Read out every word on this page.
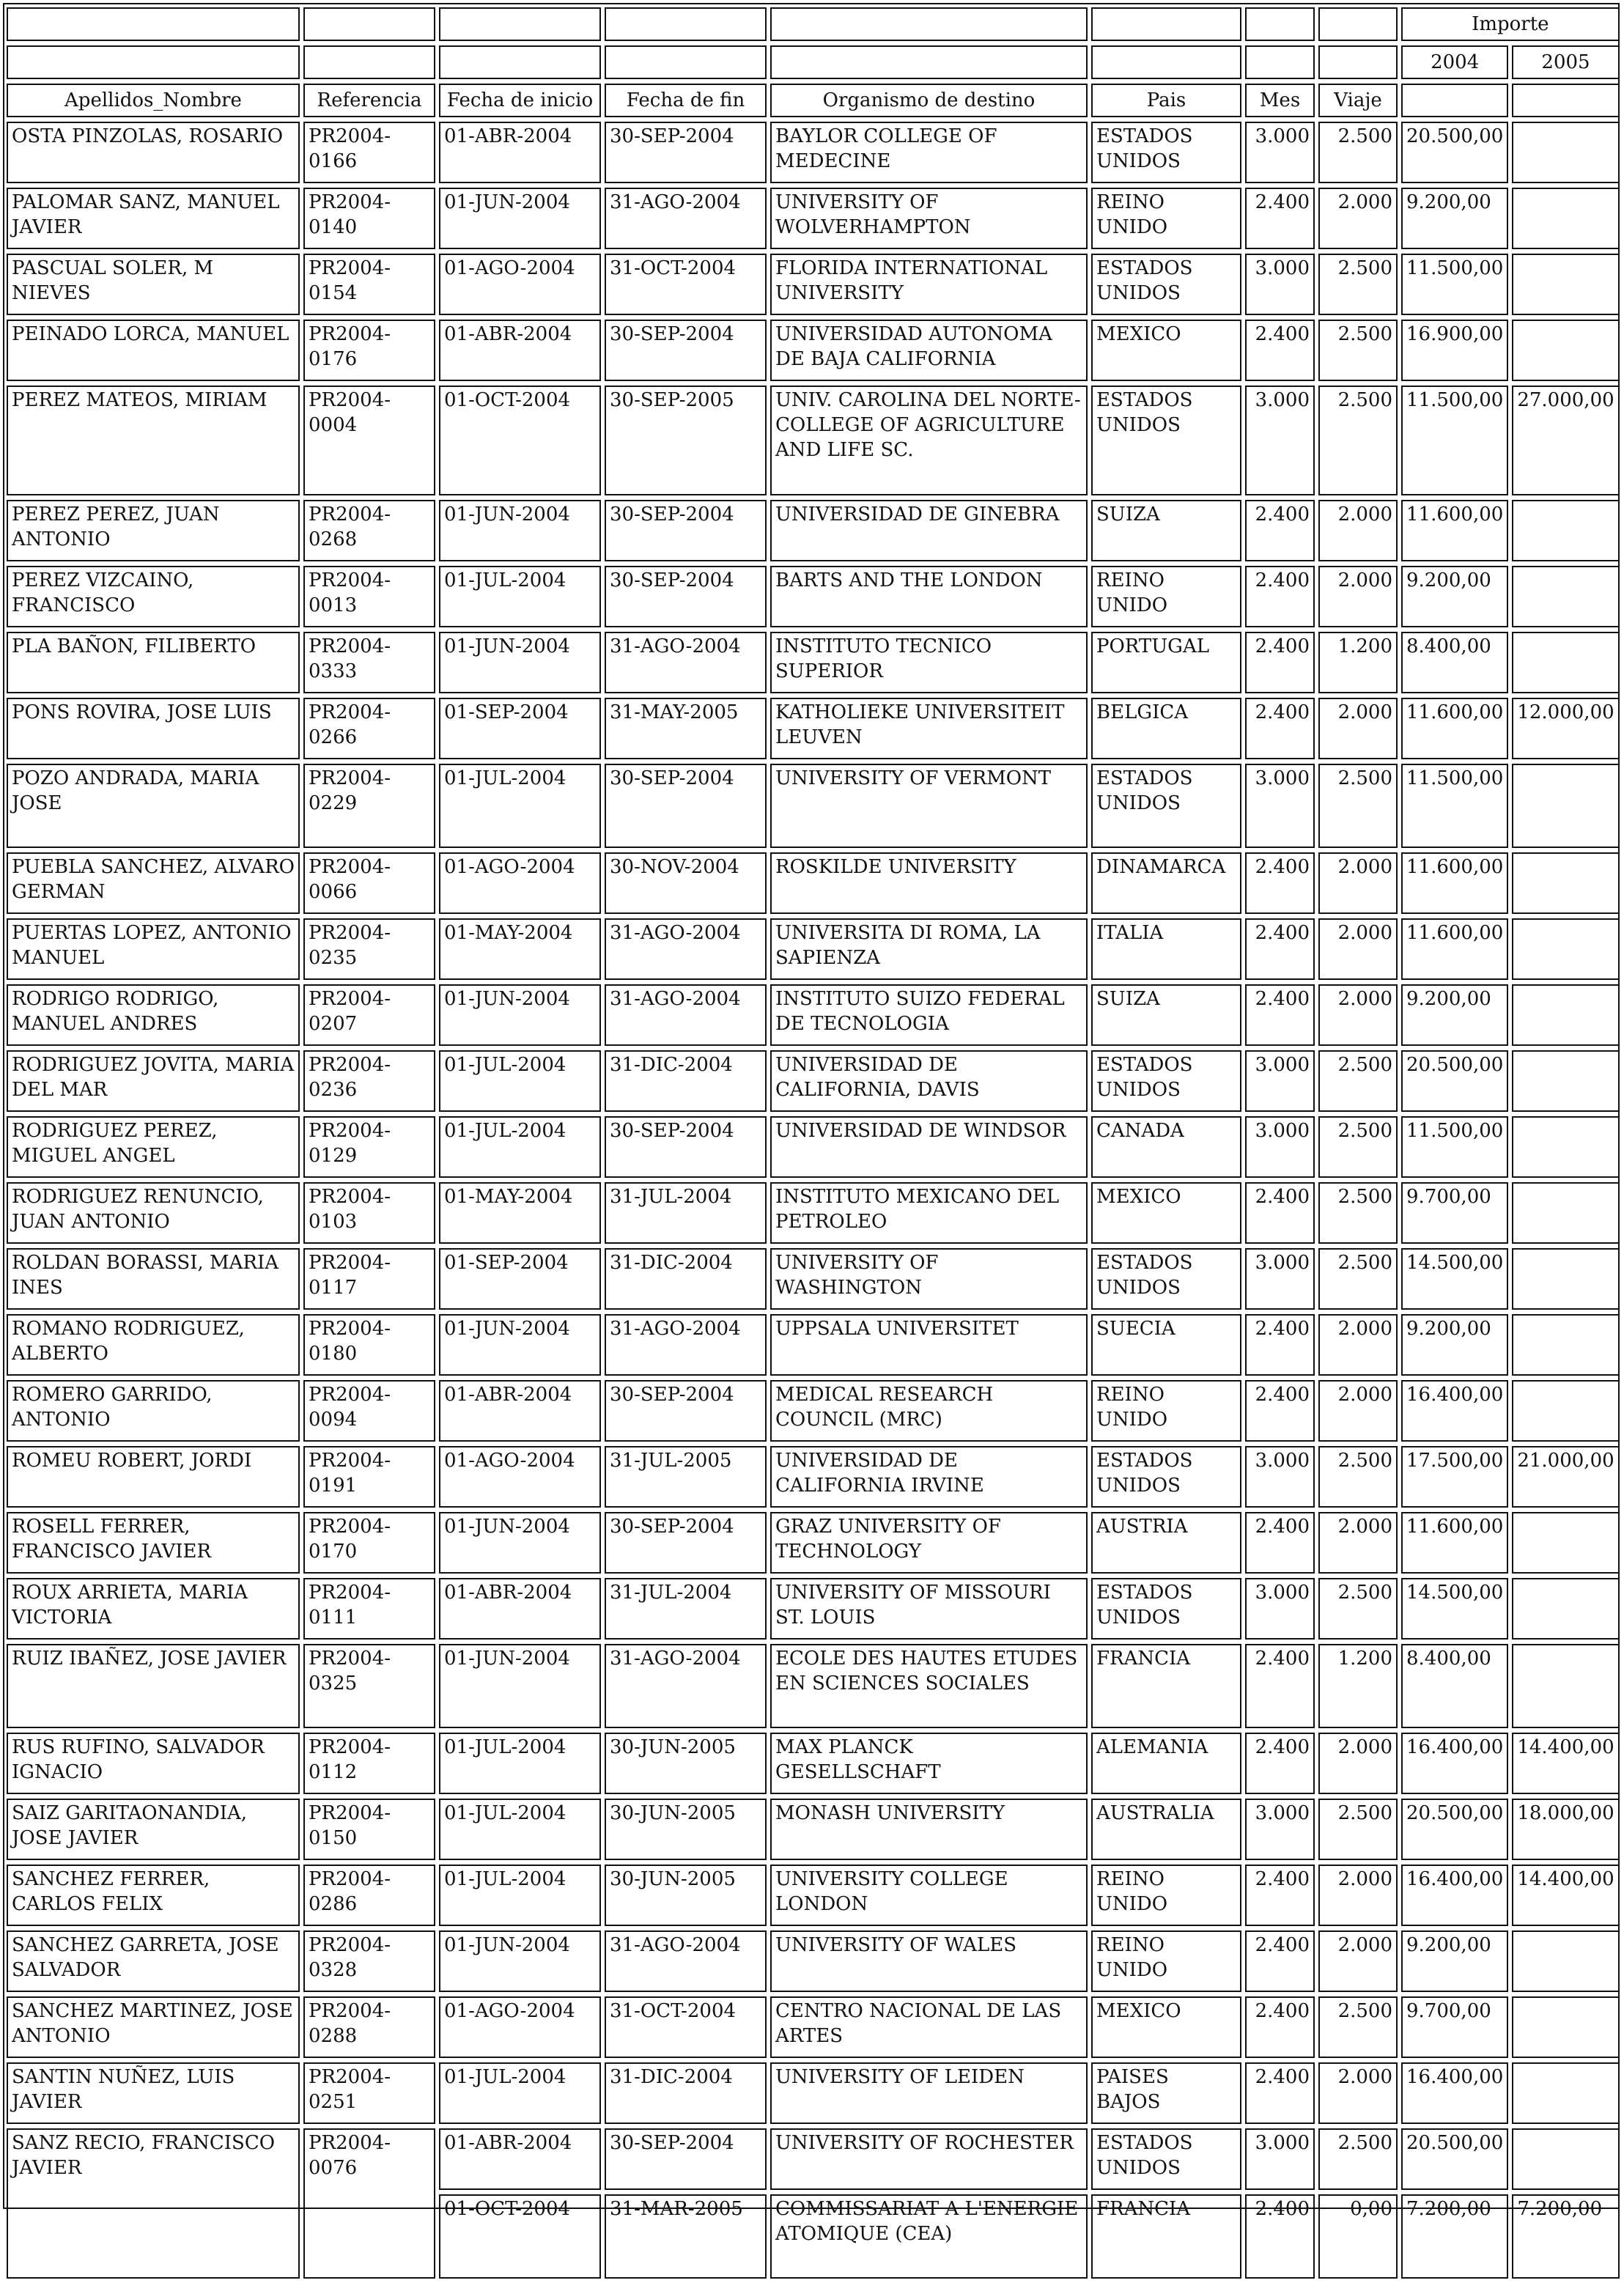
								Importe	
								2004	2005
Apellidos_Nombre	Referencia	Fecha de inicio	Fecha de fin	Organismo de destino	Pais	Mes	Viaje		
OSTA PINZOLAS, ROSARIO	PR2004-0166	01-ABR-2004	30-SEP-2004	BAYLOR COLLEGE OF MEDECINE	ESTADOS UNIDOS	3.000	2.500	20.500,00	
PALOMAR SANZ, MANUEL JAVIER	PR2004-0140	01-JUN-2004	31-AGO-2004	UNIVERSITY OF WOLVERHAMPTON	REINO UNIDO	2.400	2.000	9.200,00	
PASCUAL SOLER, M NIEVES	PR2004-0154	01-AGO-2004	31-OCT-2004	FLORIDA INTERNATIONAL UNIVERSITY	ESTADOS UNIDOS	3.000	2.500	11.500,00	
PEINADO LORCA, MANUEL	PR2004-0176	01-ABR-2004	30-SEP-2004	UNIVERSIDAD AUTONOMA DE BAJA CALIFORNIA	MEXICO	2.400	2.500	16.900,00	
PEREZ MATEOS, MIRIAM	PR2004-0004	01-OCT-2004	30-SEP-2005	UNIV. CAROLINA DEL NORTE-COLLEGE OF AGRICULTURE AND LIFE SC.	ESTADOS UNIDOS	3.000	2.500	11.500,00	27.000,00
PEREZ PEREZ, JUAN ANTONIO	PR2004-0268	01-JUN-2004	30-SEP-2004	UNIVERSIDAD DE GINEBRA	SUIZA	2.400	2.000	11.600,00	
PEREZ VIZCAINO, FRANCISCO	PR2004-0013	01-JUL-2004	30-SEP-2004	BARTS AND THE LONDON	REINO UNIDO	2.400	2.000	9.200,00	
PLA BAÑON, FILIBERTO	PR2004-0333	01-JUN-2004	31-AGO-2004	INSTITUTO TECNICO SUPERIOR	PORTUGAL	2.400	1.200	8.400,00	
PONS ROVIRA, JOSE LUIS	PR2004-0266	01-SEP-2004	31-MAY-2005	KATHOLIEKE UNIVERSITEIT LEUVEN	BELGICA	2.400	2.000	11.600,00	12.000,00
POZO ANDRADA, MARIA JOSE	PR2004-0229	01-JUL-2004	30-SEP-2004	UNIVERSITY OF VERMONT	ESTADOS UNIDOS	3.000	2.500	11.500,00	
PUEBLA SANCHEZ, ALVARO GERMAN	PR2004-0066	01-AGO-2004	30-NOV-2004	ROSKILDE UNIVERSITY	DINAMARCA	2.400	2.000	11.600,00	
PUERTAS LOPEZ, ANTONIO MANUEL	PR2004-0235	01-MAY-2004	31-AGO-2004	UNIVERSITA DI ROMA, LA SAPIENZA	ITALIA	2.400	2.000	11.600,00	
RODRIGO RODRIGO, MANUEL ANDRES	PR2004-0207	01-JUN-2004	31-AGO-2004	INSTITUTO SUIZO FEDERAL DE TECNOLOGIA	SUIZA	2.400	2.000	9.200,00	
RODRIGUEZ JOVITA, MARIA DEL MAR	PR2004-0236	01-JUL-2004	31-DIC-2004	UNIVERSIDAD DE CALIFORNIA, DAVIS	ESTADOS UNIDOS	3.000	2.500	20.500,00	
RODRIGUEZ PEREZ, MIGUEL ANGEL	PR2004-0129	01-JUL-2004	30-SEP-2004	UNIVERSIDAD DE WINDSOR	CANADA	3.000	2.500	11.500,00	
RODRIGUEZ RENUNCIO, JUAN ANTONIO	PR2004-0103	01-MAY-2004	31-JUL-2004	INSTITUTO MEXICANO DEL PETROLEO	MEXICO	2.400	2.500	9.700,00	
ROLDAN BORASSI, MARIA INES	PR2004-0117	01-SEP-2004	31-DIC-2004	UNIVERSITY OF WASHINGTON	ESTADOS UNIDOS	3.000	2.500	14.500,00	
ROMANO RODRIGUEZ, ALBERTO	PR2004-0180	01-JUN-2004	31-AGO-2004	UPPSALA UNIVERSITET	SUECIA	2.400	2.000	9.200,00	
ROMERO GARRIDO, ANTONIO	PR2004-0094	01-ABR-2004	30-SEP-2004	MEDICAL RESEARCH COUNCIL (MRC)	REINO UNIDO	2.400	2.000	16.400,00	
ROMEU ROBERT, JORDI	PR2004-0191	01-AGO-2004	31-JUL-2005	UNIVERSIDAD DE CALIFORNIA IRVINE	ESTADOS UNIDOS	3.000	2.500	17.500,00	21.000,00
ROSELL FERRER, FRANCISCO JAVIER	PR2004-0170	01-JUN-2004	30-SEP-2004	GRAZ UNIVERSITY OF TECHNOLOGY	AUSTRIA	2.400	2.000	11.600,00	
ROUX ARRIETA, MARIA VICTORIA	PR2004-0111	01-ABR-2004	31-JUL-2004	UNIVERSITY OF MISSOURI ST. LOUIS	ESTADOS UNIDOS	3.000	2.500	14.500,00	
RUIZ IBAÑEZ, JOSE JAVIER	PR2004-0325	01-JUN-2004	31-AGO-2004	ECOLE DES HAUTES ETUDES EN SCIENCES SOCIALES	FRANCIA	2.400	1.200	8.400,00	
RUS RUFINO, SALVADOR IGNACIO	PR2004-0112	01-JUL-2004	30-JUN-2005	MAX PLANCK GESELLSCHAFT	ALEMANIA	2.400	2.000	16.400,00	14.400,00
SAIZ GARITAONANDIA, JOSE JAVIER	PR2004-0150	01-JUL-2004	30-JUN-2005	MONASH UNIVERSITY	AUSTRALIA	3.000	2.500	20.500,00	18.000,00
SANCHEZ FERRER, CARLOS FELIX	PR2004-0286	01-JUL-2004	30-JUN-2005	UNIVERSITY COLLEGE LONDON	REINO UNIDO	2.400	2.000	16.400,00	14.400,00
SANCHEZ GARRETA, JOSE SALVADOR	PR2004-0328	01-JUN-2004	31-AGO-2004	UNIVERSITY OF WALES	REINO UNIDO	2.400	2.000	9.200,00	
SANCHEZ MARTINEZ, JOSE ANTONIO	PR2004-0288	01-AGO-2004	31-OCT-2004	CENTRO NACIONAL DE LAS ARTES	MEXICO	2.400	2.500	9.700,00	
SANTIN NUÑEZ, LUIS JAVIER	PR2004-0251	01-JUL-2004	31-DIC-2004	UNIVERSITY OF LEIDEN	PAISES BAJOS	2.400	2.000	16.400,00	
SANZ RECIO, FRANCISCO JAVIER	PR2004-0076	01-ABR-2004	30-SEP-2004	UNIVERSITY OF ROCHESTER	ESTADOS UNIDOS	3.000	2.500	20.500,00	
		01-OCT-2004	31-MAR-2005	COMMISSARIAT A L'ENERGIE ATOMIQUE (CEA)	FRANCIA	2.400	0,00	7.200,00	7.200,00
